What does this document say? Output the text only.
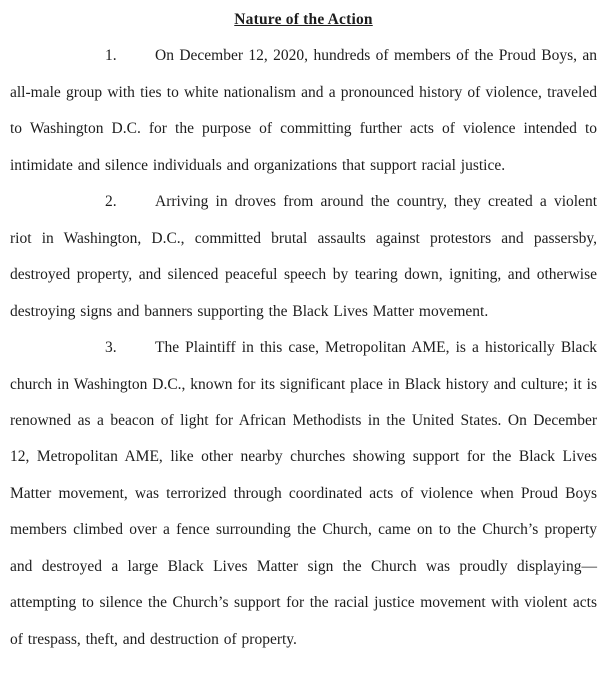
Nature of the Action

1. On December 12, 2020, hundreds of members of the Proud Boys, an all-male group with ties to white nationalism and a pronounced history of violence, traveled to Washington D.C. for the purpose of committing further acts of violence intended to intimidate and silence individuals and organizations that support racial justice.

2. Arriving in droves from around the country, they created a violent riot in Washington, D.C., committed brutal assaults against protestors and passersby, destroyed property, and silenced peaceful speech by tearing down, igniting, and otherwise destroying signs and banners supporting the Black Lives Matter movement.

3. The Plaintiff in this case, Metropolitan AME, is a historically Black church in Washington D.C., known for its significant place in Black history and culture; it is renowned as a beacon of light for African Methodists in the United States. On December 12, Metropolitan AME, like other nearby churches showing support for the Black Lives Matter movement, was terrorized through coordinated acts of violence when Proud Boys members climbed over a fence surrounding the Church, came on to the Church’s property and destroyed a large Black Lives Matter sign the Church was proudly displaying—attempting to silence the Church’s support for the racial justice movement with violent acts of trespass, theft, and destruction of property.
